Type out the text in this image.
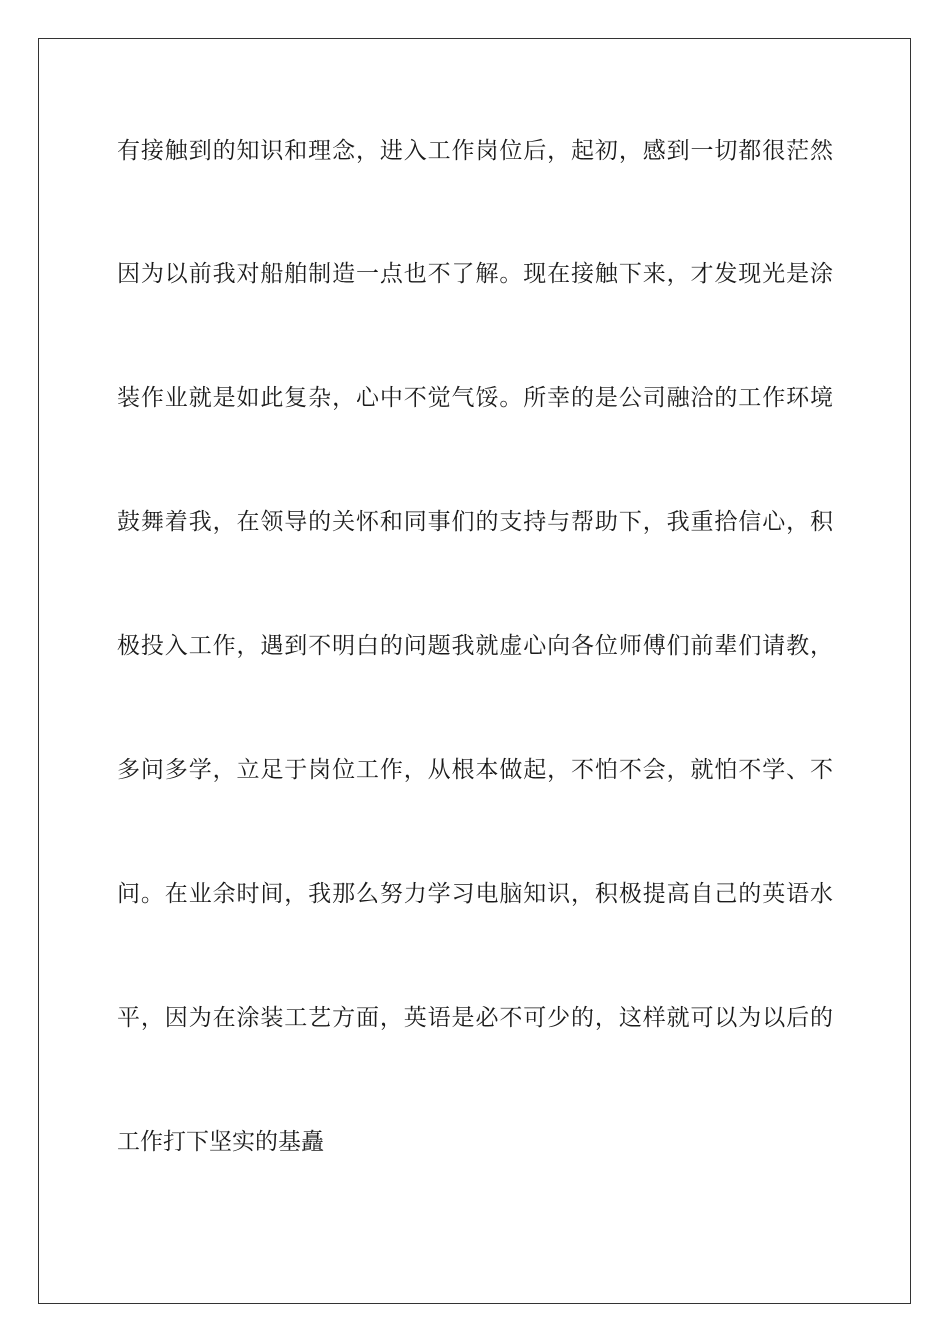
有接触到的知识和理念，进入工作岗位后，起初，感到一切都很茫然
因为以前我对船舶制造一点也不了解。现在接触下来，才发现光是涂
装作业就是如此复杂，心中不觉气馁。所幸的是公司融洽的工作环境
鼓舞着我，在领导的关怀和同事们的支持与帮助下，我重拾信心，积
极投入工作，遇到不明白的问题我就虚心向各位师傅们前辈们请教，
多问多学，立足于岗位工作，从根本做起，不怕不会，就怕不学、不
问。在业余时间，我那么努力学习电脑知识，积极提高自己的英语水
平，因为在涂装工艺方面，英语是必不可少的，这样就可以为以后的
工作打下坚实的基矗
